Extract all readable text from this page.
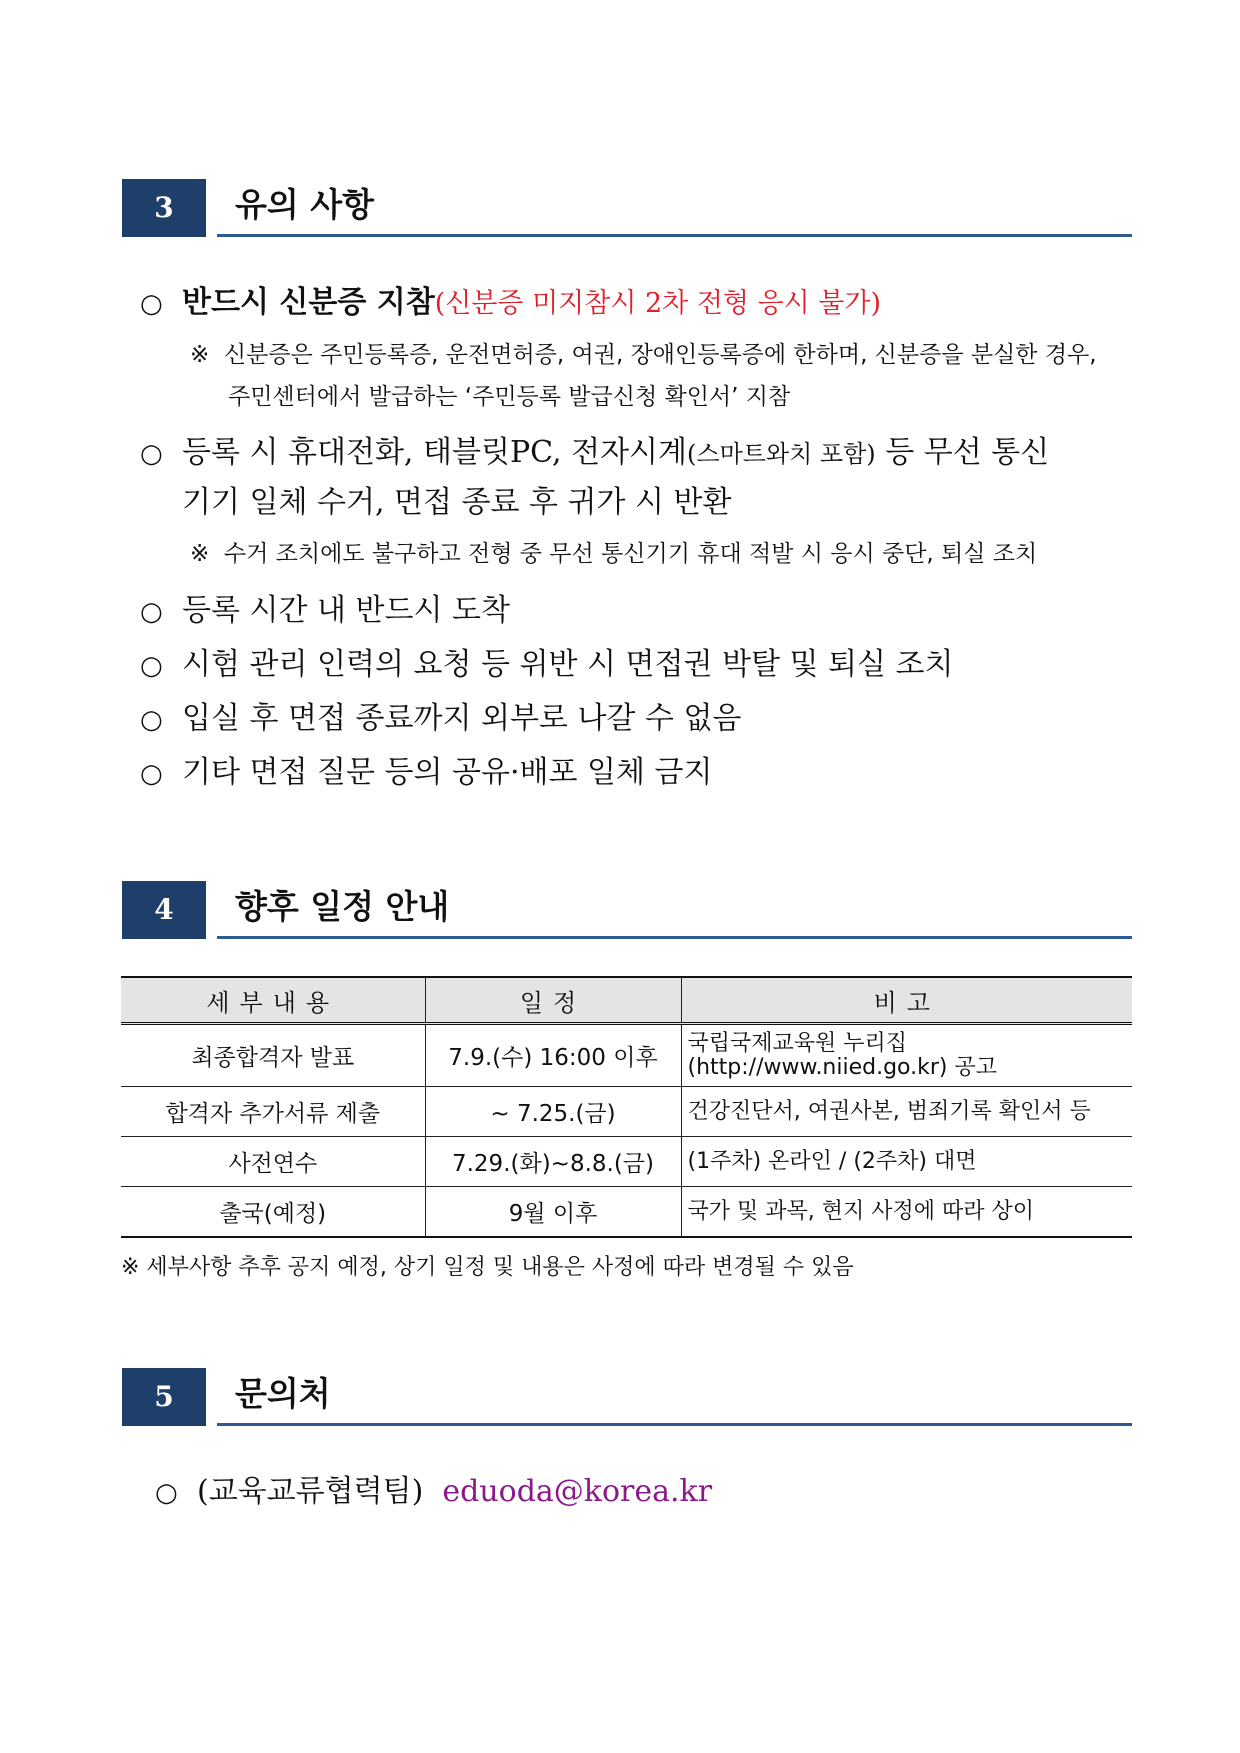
3	유의 사항
○ 반드시 신분증 지참(신분증 미지참시 2차 전형 응시 불가)
※ 신분증은 주민등록증, 운전면허증, 여권, 장애인등록증에 한하며, 신분증을 분실한 경우,
주민센터에서 발급하는 ‘주민등록 발급신청 확인서’ 지참
○ 등록 시 휴대전화, 태블릿PC, 전자시계(스마트와치 포함) 등 무선 통신
기기 일체 수거, 면접 종료 후 귀가 시 반환
※ 수거 조치에도 불구하고 전형 중 무선 통신기기 휴대 적발 시 응시 중단, 퇴실 조치
○ 등록 시간 내 반드시 도착
○ 시험 관리 인력의 요청 등 위반 시 면접권 박탈 및 퇴실 조치
○ 입실 후 면접 종료까지 외부로 나갈 수 없음
○ 기타 면접 질문 등의 공유·배포 일체 금지
4	향후 일정 안내
세부내용	일정	비고
최종합격자 발표	7.9.(수) 16:00 이후	국립국제교육원 누리집
(http://www.niied.go.kr) 공고

합격자 추가서류 제출	~ 7.25.(금)	건강진단서, 여권사본, 범죄기록 확인서 등
사전연수	7.29.(화)~8.8.(금)	(1주차) 온라인 / (2주차) 대면
출국(예정)	9월 이후	국가 및 과목, 현지 사정에 따라 상이
※ 세부사항 추후 공지 예정, 상기 일정 및 내용은 사정에 따라 변경될 수 있음
5	문의처
○ (교육교류협력팀) eduoda@korea.kr
